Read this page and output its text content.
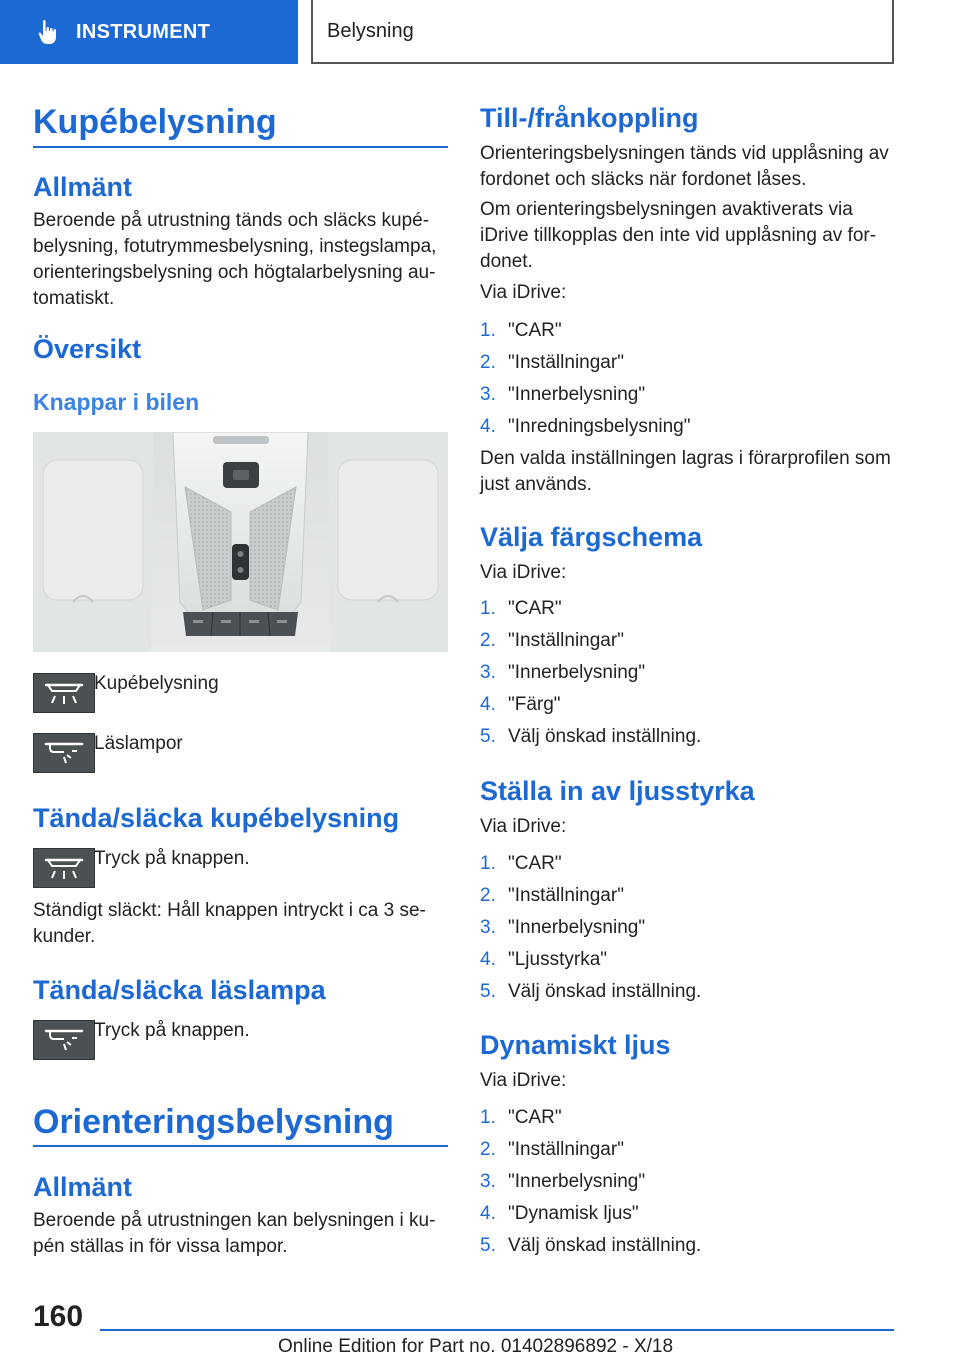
INSTRUMENT	Belysning
Kupébelysning
Allmänt
Beroende på utrustning tänds och släcks kupé-
belysning, fotutrymmesbelysning, instegslampa,
orienteringsbelysning och högtalarbelysning au-
tomatiskt.
Översikt
Knappar i bilen
Kupébelysning
Läslampor
Tända/släcka kupébelysning
Tryck på knappen.
Ständigt släckt: Håll knappen intryckt i ca 3 se-
kunder.
Tända/släcka läslampa
Tryck på knappen.
Orienteringsbelysning
Allmänt
Beroende på utrustningen kan belysningen i ku-
pén ställas in för vissa lampor.
Till-/frånkoppling
Orienteringsbelysningen tänds vid upplåsning av
fordonet och släcks när fordonet låses.
Om orienteringsbelysningen avaktiverats via
iDrive tillkopplas den inte vid upplåsning av for-
donet.
Via iDrive:
1. "CAR"
2. "Inställningar"
3. "Innerbelysning"
4. "Inredningsbelysning"
Den valda inställningen lagras i förarprofilen som
just används.
Välja färgschema
Via iDrive:
1. "CAR"
2. "Inställningar"
3. "Innerbelysning"
4. "Färg"
5. Välj önskad inställning.
Ställa in av ljusstyrka
Via iDrive:
1. "CAR"
2. "Inställningar"
3. "Innerbelysning"
4. "Ljusstyrka"
5. Välj önskad inställning.
Dynamiskt ljus
Via iDrive:
1. "CAR"
2. "Inställningar"
3. "Innerbelysning"
4. "Dynamisk ljus"
5. Välj önskad inställning.
160
Online Edition for Part no. 01402896892 - X/18
